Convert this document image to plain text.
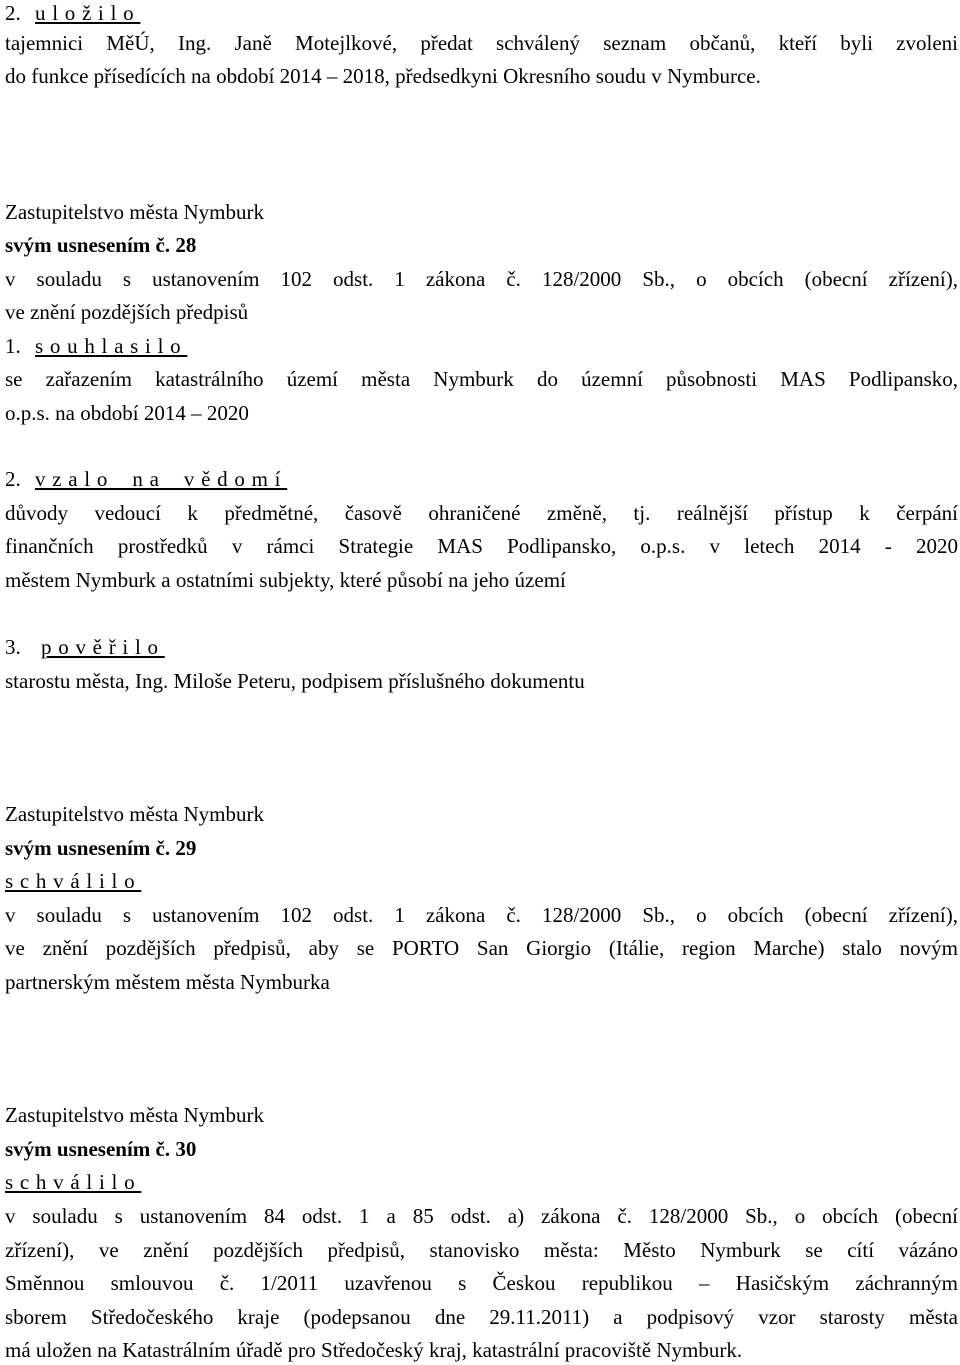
2. uložilo
tajemnici MěÚ, Ing. Janě Motejlkové, předat schválený seznam občanů, kteří byli zvoleni
do funkce přísedících na období 2014 – 2018, předsedkyni Okresního soudu v Nymburce.
Zastupitelstvo města Nymburk
svým usnesením č. 28
v souladu s ustanovením 102 odst. 1 zákona č. 128/2000 Sb., o obcích (obecní zřízení),
ve znění pozdějších předpisů
1. souhlasilo
se zařazením katastrálního území města Nymburk do územní působnosti MAS Podlipansko,
o.p.s. na období 2014 – 2020
2. vzalo na vědomí
důvody vedoucí k předmětné, časově ohraničené změně, tj. reálnější přístup k čerpání
finančních prostředků v rámci Strategie MAS Podlipansko, o.p.s. v letech 2014 - 2020
městem Nymburk a ostatními subjekty, které působí na jeho území
3. pověřilo
starostu města, Ing. Miloše Peteru, podpisem příslušného dokumentu
Zastupitelstvo města Nymburk
svým usnesením č. 29
schválilo
v souladu s ustanovením 102 odst. 1 zákona č. 128/2000 Sb., o obcích (obecní zřízení),
ve znění pozdějších předpisů, aby se PORTO San Giorgio (Itálie, region Marche) stalo novým
partnerským městem města Nymburka
Zastupitelstvo města Nymburk
svým usnesením č. 30
schválilo
v souladu s ustanovením 84 odst. 1 a 85 odst. a) zákona č. 128/2000 Sb., o obcích (obecní
zřízení), ve znění pozdějších předpisů, stanovisko města: Město Nymburk se cítí vázáno
Směnnou smlouvou č. 1/2011 uzavřenou s Českou republikou – Hasičským záchranným
sborem Středočeského kraje (podepsanou dne 29.11.2011) a podpisový vzor starosty města
má uložen na Katastrálním úřadě pro Středočeský kraj, katastrální pracoviště Nymburk.
